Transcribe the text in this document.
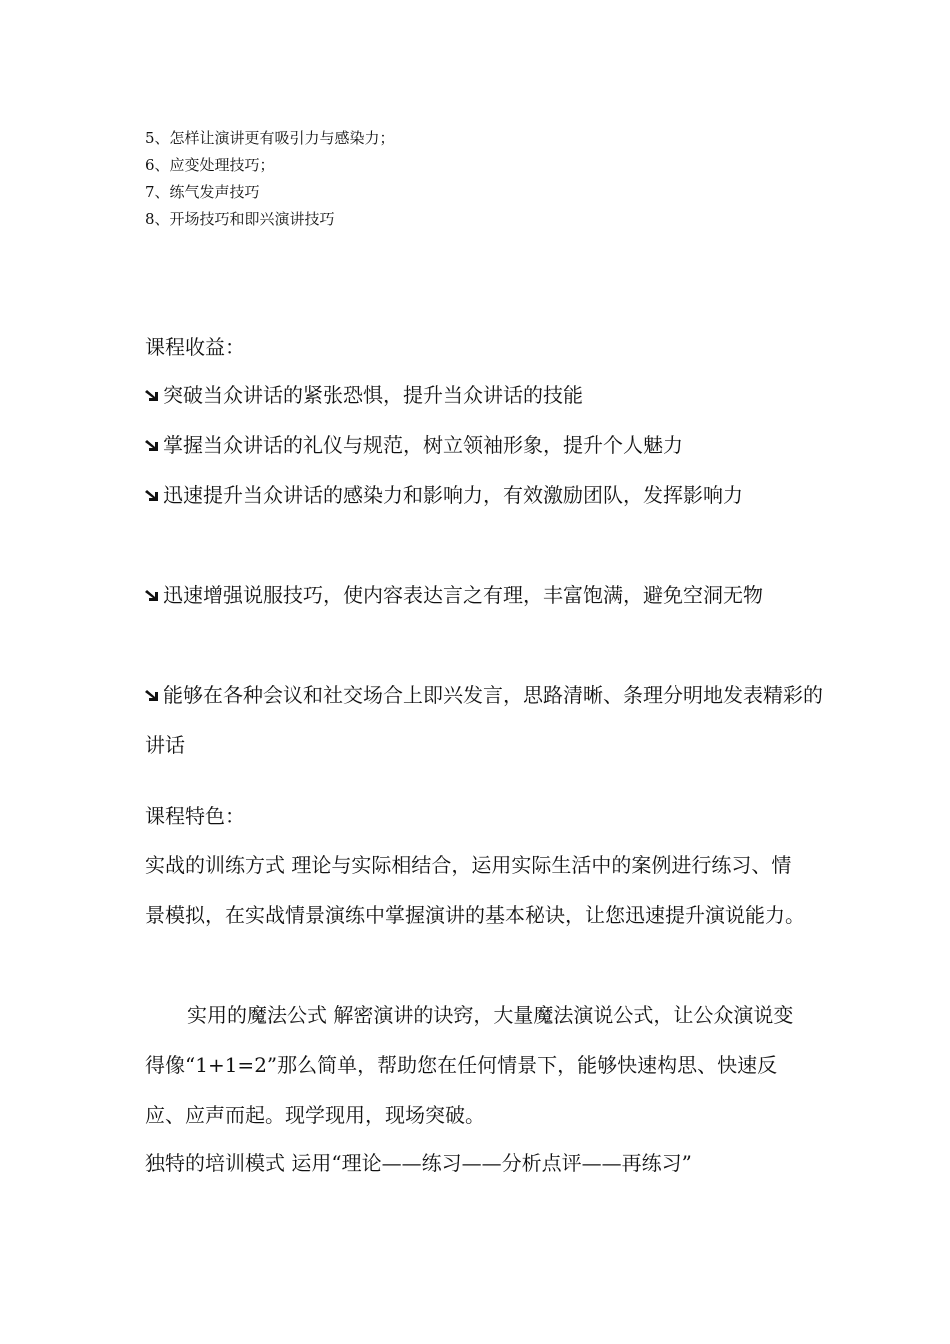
5、怎样让演讲更有吸引力与感染力；
6、应变处理技巧；
7、练气发声技巧
8、开场技巧和即兴演讲技巧
课程收益：
突破当众讲话的紧张恐惧，提升当众讲话的技能
掌握当众讲话的礼仪与规范，树立领袖形象，提升个人魅力
迅速提升当众讲话的感染力和影响力，有效激励团队，发挥影响力
迅速增强说服技巧，使内容表达言之有理，丰富饱满，避免空洞无物
能够在各种会议和社交场合上即兴发言，思路清晰、条理分明地发表精彩的讲话
课程特色：
实战的训练方式 理论与实际相结合，运用实际生活中的案例进行练习、情景模拟，在实战情景演练中掌握演讲的基本秘诀，让您迅速提升演说能力。
实用的魔法公式 解密演讲的诀窍，大量魔法演说公式，让公众演说变得像“1+1=2”那么简单，帮助您在任何情景下，能够快速构思、快速反应、应声而起。现学现用，现场突破。
独特的培训模式 运用“理论——练习——分析点评——再练习”
